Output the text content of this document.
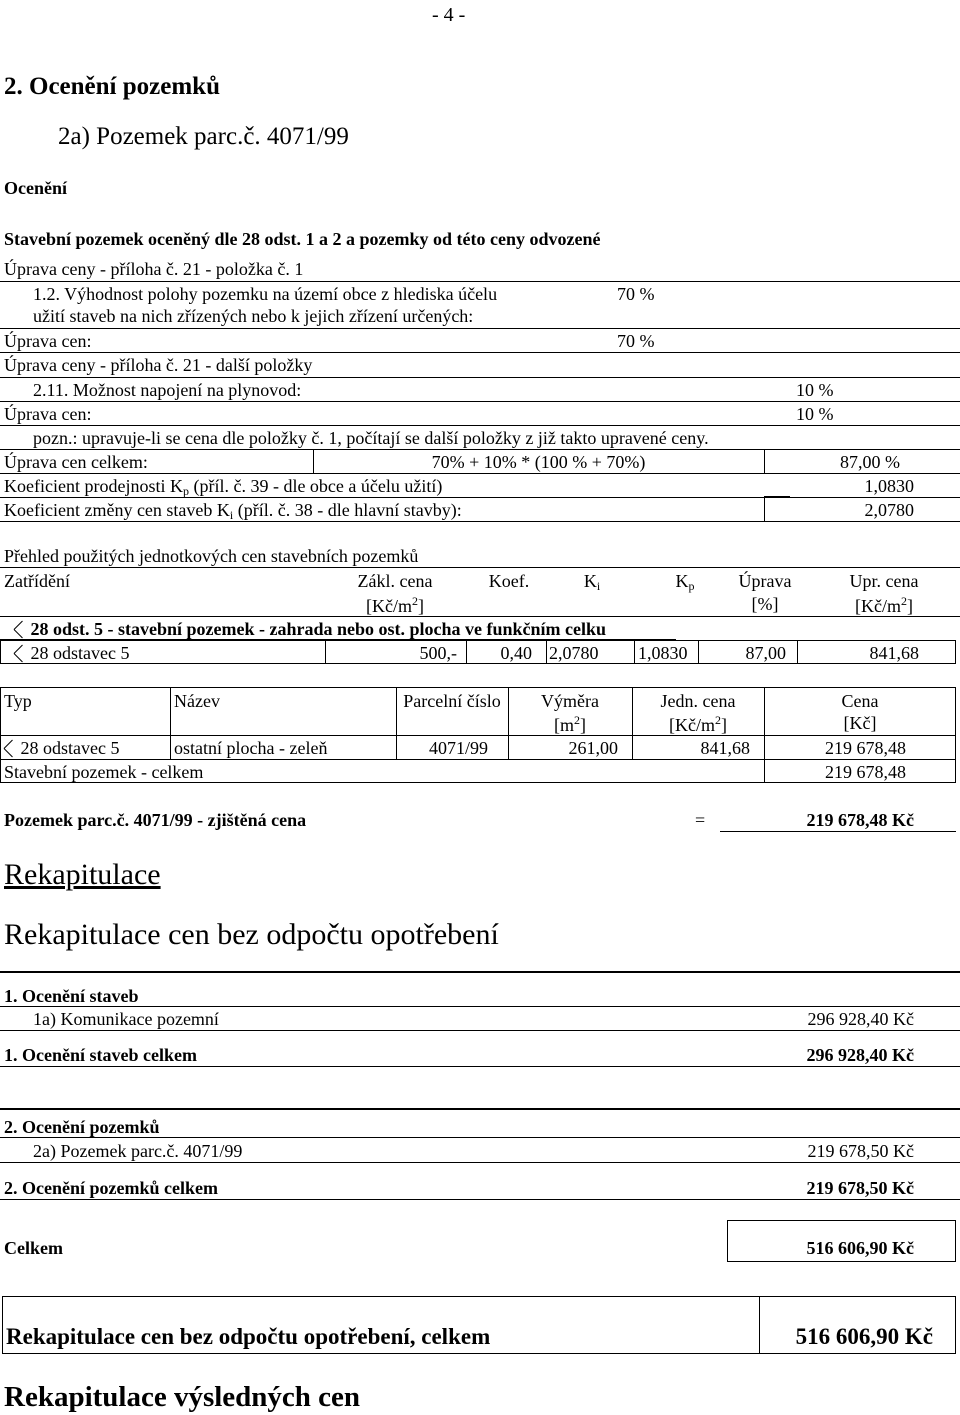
- 4 -
2. Ocenění pozemků
2a) Pozemek parc.č. 4071/99
Ocenění
Stavební pozemek oceněný dle 28 odst. 1 a 2 a pozemky od této ceny odvozené
Úprava ceny - příloha č. 21 - položka č. 1
1.2. Výhodnost polohy pozemku na území obce z hlediska účelu	70 %
užití staveb na nich zřízených nebo k jejich zřízení určených:
Úprava cen:	70 %
Úprava ceny - příloha č. 21 - další položky
2.11. Možnost napojení na plynovod:	10 %
Úprava cen:	10 %
pozn.: upravuje-li se cena dle položky č. 1, počítají se další položky z již takto upravené ceny.
Úprava cen celkem:	70% + 10% * (100 % + 70%)	87,00 %
Koeficient prodejnosti $K_p$ (příl. č. 39 - dle obce a účelu užití)	1,0830
Koeficient změny cen staveb $K_i$ (příl. č. 38 - dle hlavní stavby):	2,0780
Přehled použitých jednotkových cen stavebních pozemků
Zatřídění	Zákl. cena
$[Kč/m^2]$
Koef.	$K_i$	$K_p$	Úprava
[%]
Upr. cena
$[Kč/m^2]$
28 odst. 5 - stavební pozemek - zahrada nebo ost. plocha ve funkčním celku
28 odstavec 5	500,-	0,40 2,0780 1,0830	87,00	841,68
Typ	Název	Parcelní číslo	Výměra
$[m^2]$
Jedn. cena
$[Kč/m^2]$
Cena
[Kč]
28 odstavec 5	ostatní plocha - zeleň	4071/99	261,00	841,68	219 678,48
Stavební pozemek - celkem	219 678,48
Pozemek parc.č. 4071/99 - zjištěná cena	=	219 678,48 Kč
Rekapitulace
Rekapitulace cen bez odpočtu opotřebení
1. Ocenění staveb
1a) Komunikace pozemní	296 928,40 Kč
1. Ocenění staveb celkem	296 928,40 Kč
2. Ocenění pozemků
2a) Pozemek parc.č. 4071/99	219 678,50 Kč
2. Ocenění pozemků celkem	219 678,50 Kč
Celkem	516 606,90 Kč
Rekapitulace cen bez odpočtu opotřebení, celkem	516 606,90 Kč
Rekapitulace výsledných cen
